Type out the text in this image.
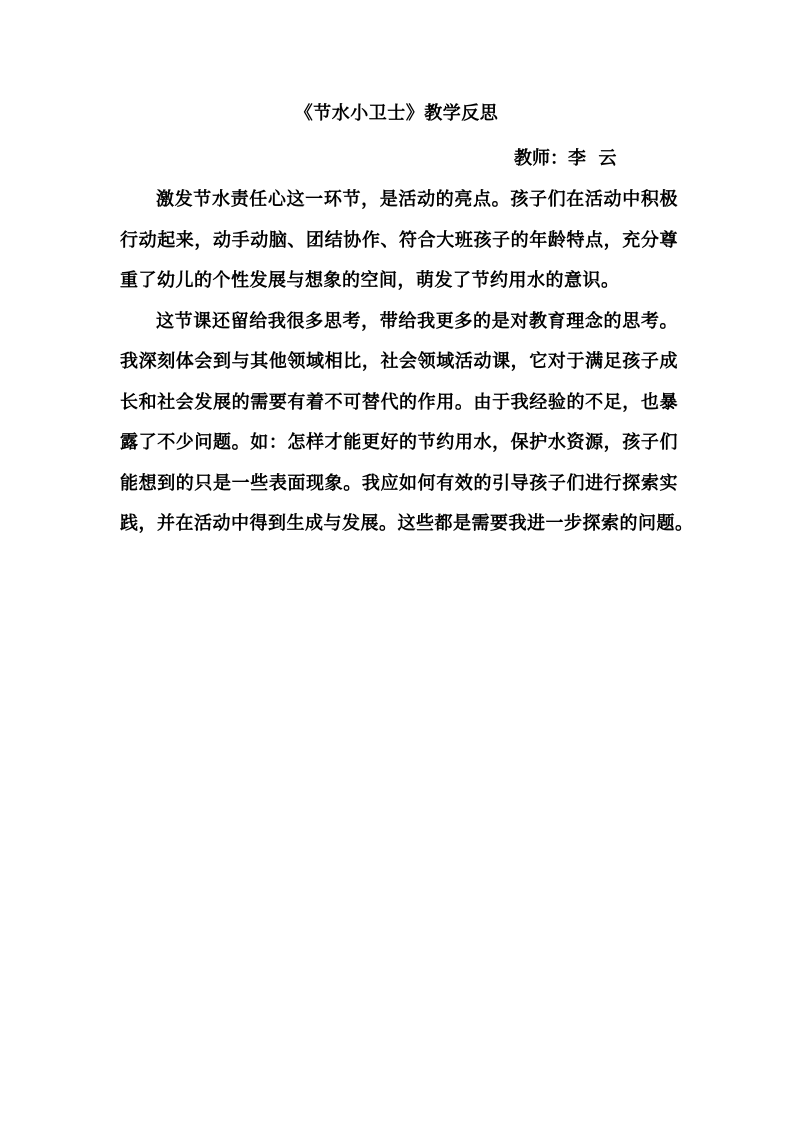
《节水小卫士》教学反思
教师：李  云
激发节水责任心这一环节，是活动的亮点。孩子们在活动中积极
行动起来，动手动脑、团结协作、符合大班孩子的年龄特点，充分尊
重了幼儿的个性发展与想象的空间，萌发了节约用水的意识。
这节课还留给我很多思考，带给我更多的是对教育理念的思考。
我深刻体会到与其他领域相比，社会领域活动课，它对于满足孩子成
长和社会发展的需要有着不可替代的作用。由于我经验的不足，也暴
露了不少问题。如：怎样才能更好的节约用水，保护水资源，孩子们
能想到的只是一些表面现象。我应如何有效的引导孩子们进行探索实
践，并在活动中得到生成与发展。这些都是需要我进一步探索的问题。
